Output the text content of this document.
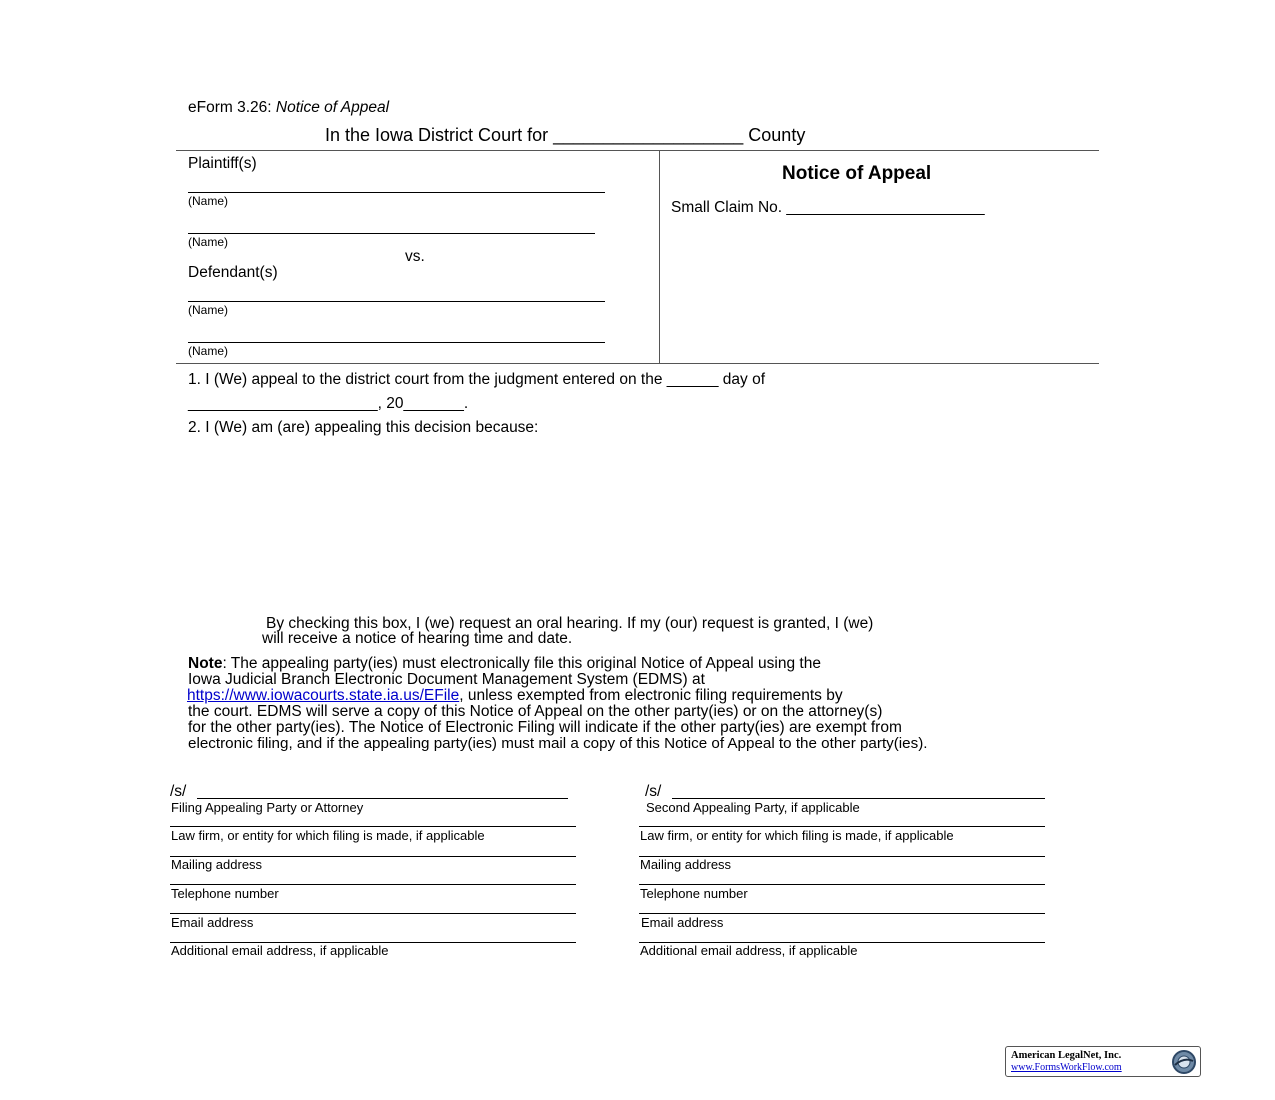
eForm 3.26: Notice of Appeal
In the Iowa District Court for ___________________ County
Plaintiff(s)
(Name)
(Name)
vs.
Defendant(s)
(Name)
(Name)
Notice of Appeal
Small Claim No. _______________________
1. I (We) appeal to the district court from the judgment entered on the ______ day of
______________________, 20_______.
2. I (We) am (are) appealing this decision because:
By checking this box, I (we) request an oral hearing. If my (our) request is granted, I (we)
will receive a notice of hearing time and date.
Note: The appealing party(ies) must electronically file this original Notice of Appeal using the
Iowa Judicial Branch Electronic Document Management System (EDMS) at
https://www.iowacourts.state.ia.us/EFile, unless exempted from electronic filing requirements by
the court. EDMS will serve a copy of this Notice of Appeal on the other party(ies) or on the attorney(s)
for the other party(ies). The Notice of Electronic Filing will indicate if the other party(ies) are exempt from
electronic filing, and if the appealing party(ies) must mail a copy of this Notice of Appeal to the other party(ies).
/s/
Filing Appealing Party or Attorney
Law firm, or entity for which filing is made, if applicable
Mailing address
Telephone number
Email address
Additional email address, if applicable
/s/
Second Appealing Party, if applicable
Law firm, or entity for which filing is made, if applicable
Mailing address
Telephone number
Email address
Additional email address, if applicable
American LegalNet, Inc.
www.FormsWorkFlow.com
